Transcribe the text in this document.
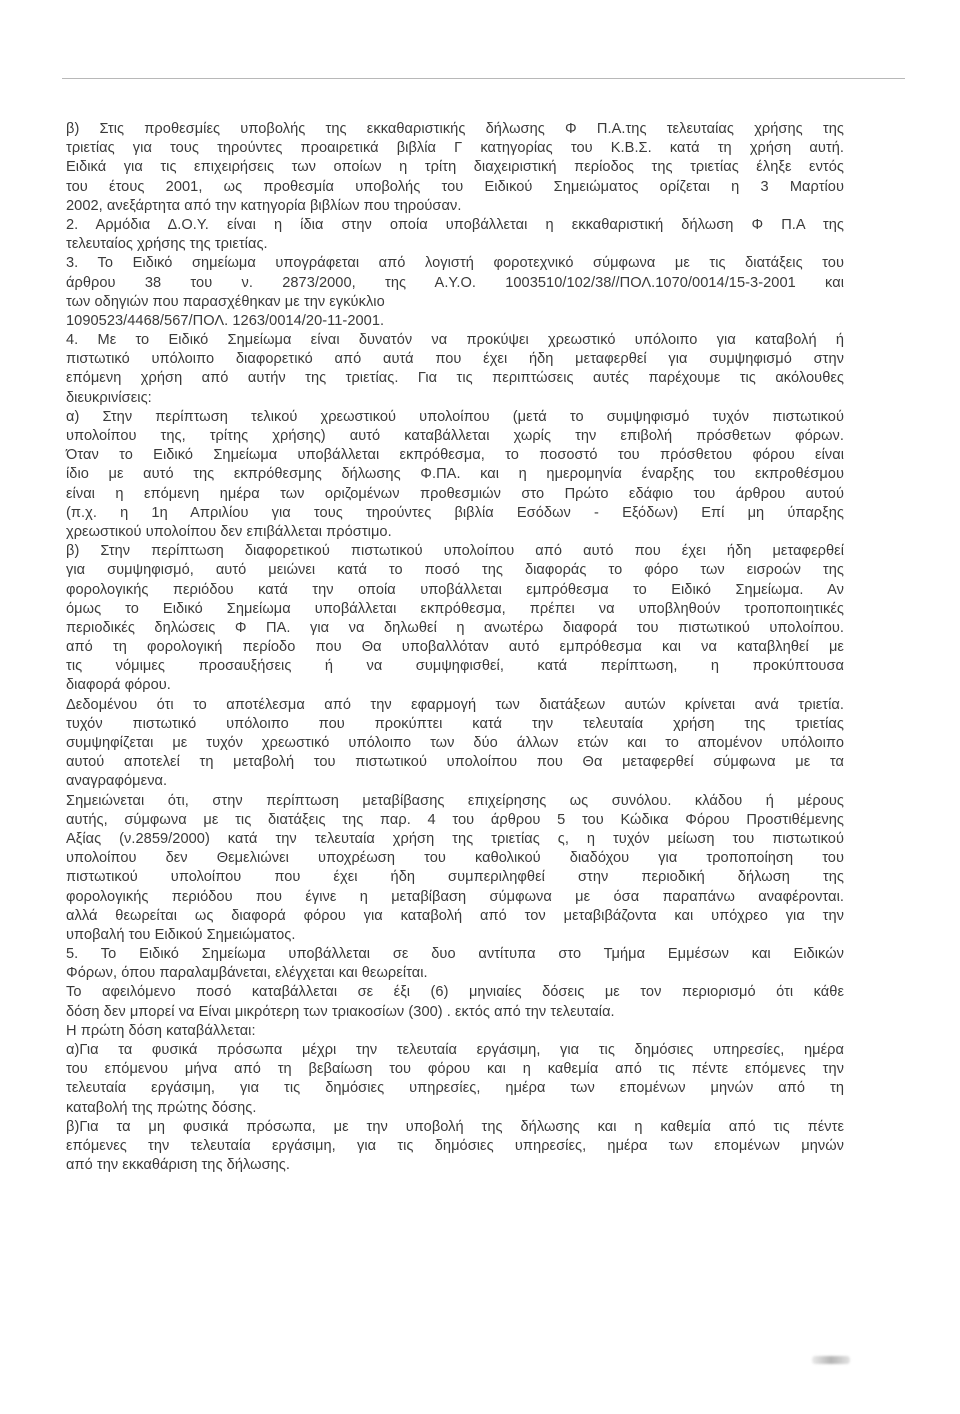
β) Στις προθεσμίες υποβολής της εκκαθαριστικής δήλωσης Φ Π.Α.της τελευταίας χρήσης της
τριετίας για τους τηρούντες προαιρετικά βιβλία Γ κατηγορίας του Κ.Β.Σ. κατά τη χρήση αυτή.
Ειδικά για τις επιχειρήσεις των οποίων η τρίτη διαχειριστική περίοδος της τριετίας έληξε εντός
του έτους 2001, ως προθεσμία υποβολής του Ειδικού Σημειώματος ορίζεται η 3 Μαρτίου
2002, ανεξάρτητα από την κατηγορία βιβλίων που τηρούσαν.
2. Αρμόδια Δ.Ο.Υ. είναι η ίδια στην οποία υποβάλλεται η εκκαθαριστική δήλωση Φ Π.Α της
τελευταίος χρήσης της τριετίας.
3. Το Ειδικό σημείωμα υπογράφεται από λογιστή φοροτεχνικό σύμφωνα με τις διατάξεις του
άρθρου 38 του ν. 2873/2000, της Α.Υ.Ο. 1003510/102/38//ΠΟΛ.1070/0014/15-3-2001 και
των οδηγιών που παρασχέθηκαν με την εγκύκλιο
1090523/4468/567/ΠΟΛ. 1263/0014/20-11-2001.
4. Με το Ειδικό Σημείωμα είναι δυνατόν να προκύψει χρεωστικό υπόλοιπο για καταβολή ή
πιστωτικό υπόλοιπο διαφορετικό από αυτά που έχει ήδη μεταφερθεί για συμψηφισμό στην
επόμενη χρήση από αυτήν της τριετίας. Για τις περιπτώσεις αυτές παρέχουμε τις ακόλουθες
διευκρινίσεις:
α) Στην περίπτωση τελικού χρεωστικού υπολοίπου (μετά το συμψηφισμό τυχόν πιστωτικού
υπολοίπου της, τρίτης χρήσης) αυτό καταβάλλεται χωρίς την επιβολή πρόσθετων φόρων.
Όταν το Ειδικό Σημείωμα υποβάλλεται εκπρόθεσμα, το ποσοστό του πρόσθετου φόρου είναι
ίδιο με αυτό της εκπρόθεσμης δήλωσης Φ.ΠΑ. και η ημερομηνία έναρξης του εκπροθέσμου
είναι η επόμενη ημέρα των οριζομένων προθεσμιών στο Πρώτο εδάφιο του άρθρου αυτού
(π.χ. η 1η Απριλίου για τους τηρούντες βιβλία Εσόδων - Εξόδων) Επί μη ύπαρξης
χρεωστικού υπολοίπου δεν επιβάλλεται πρόστιμο.
β) Στην περίπτωση διαφορετικού πιστωτικού υπολοίπου από αυτό που έχει ήδη μεταφερθεί
για συμψηφισμό, αυτό μειώνει κατά το ποσό της διαφοράς το φόρο των εισροών της
φορολογικής περιόδου κατά την οποία υποβάλλεται εμπρόθεσμα το Ειδικό Σημείωμα. Αν
όμως το Ειδικό Σημείωμα υποβάλλεται εκπρόθεσμα, πρέπει να υποβληθούν τροποποιητικές
περιοδικές δηλώσεις Φ ΠΑ. για να δηλωθεί η ανωτέρω διαφορά του πιστωτικού υπολοίπου.
από τη φορολογική περίοδο που Θα υποβαλλόταν αυτό εμπρόθεσμα και να καταβληθεί με
τις νόμιμες προσαυξήσεις ή να συμψηφισθεί, κατά περίπτωση, η προκύπτουσα
διαφορά φόρου.
Δεδομένου ότι το αποτέλεσμα από την εφαρμογή των διατάξεων αυτών κρίνεται ανά τριετία.
τυχόν πιστωτικό υπόλοιπο που προκύπτει κατά την τελευταία χρήση της τριετίας
συμψηφίζεται με τυχόν χρεωστικό υπόλοιπο των δύο άλλων ετών και το απομένον υπόλοιπο
αυτού αποτελεί τη μεταβολή του πιστωτικού υπολοίπου που Θα μεταφερθεί σύμφωνα με τα
αναγραφόμενα.
Σημειώνεται ότι, στην περίπτωση μεταβίβασης επιχείρησης ως συνόλου. κλάδου ή μέρους
αυτής, σύμφωνα με τις διατάξεις της παρ. 4 του άρθρου 5 του Κώδικα Φόρου Προστιθέμενης
Αξίας (ν.2859/2000) κατά την τελευταία χρήση της τριετίας ς, η τυχόν μείωση του πιστωτικού
υπολοίπου δεν Θεμελιώνει υποχρέωση του καθολικού διαδόχου για τροποποίηση του
πιστωτικού υπολοίπου που έχει ήδη συμπεριληφθεί στην περιοδική δήλωση της
φορολογικής περιόδου που έγινε η μεταβίβαση σύμφωνα με όσα παραπάνω αναφέρονται.
αλλά θεωρείται ως διαφορά φόρου για καταβολή από τον μεταβιβάζοντα και υπόχρεο για την
υποβαλή του Ειδικού Σημειώματος.
5. Το Ειδικό Σημείωμα υποβάλλεται σε δυο αντίτυπα στο Τμήμα Εμμέσων και Ειδικών
Φόρων, όπου παραλαμβάνεται, ελέγχεται και θεωρείται.
Το αφειλόμενο ποσό καταβάλλεται σε έξι (6) μηνιαίες δόσεις με τον περιορισμό ότι κάθε
δόση δεν μπορεί να Είναι μικρότερη των τριακοσίων (300) . εκτός από την τελευταία.
Η πρώτη δόση καταβάλλεται:
α)Για τα φυσικά πρόσωπα μέχρι την τελευταία εργάσιμη, για τις δημόσιες υπηρεσίες, ημέρα
του επόμενου μήνα από τη βεβαίωση του φόρου και η καθεμία από τις πέντε επόμενες την
τελευταία εργάσιμη, για τις δημόσιες υπηρεσίες, ημέρα των επομένων μηνών από τη
καταβολή της πρώτης δόσης.
β)Για τα μη φυσικά πρόσωπα, με την υποβολή της δήλωσης και η καθεμία από τις πέντε
επόμενες την τελευταία εργάσιμη, για τις δημόσιες υπηρεσίες, ημέρα των επομένων μηνών
από την εκκαθάριση της δήλωσης.
